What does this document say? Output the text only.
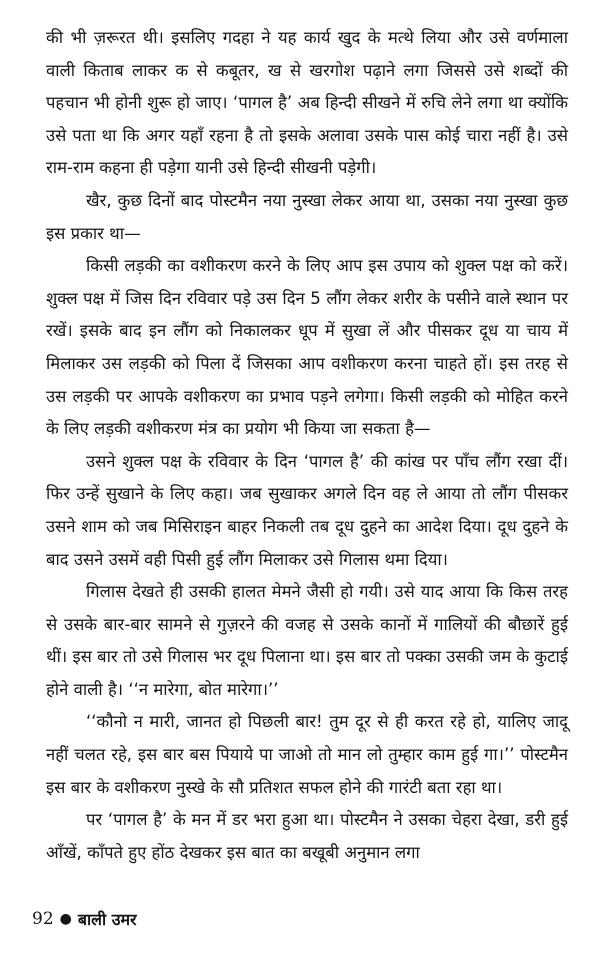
की भी ज़रूरत थी। इसलिए गदहा ने यह कार्य खुद के मत्थे लिया और उसे वर्णमाला वाली किताब लाकर क से कबूतर, ख से खरगोश पढ़ाने लगा जिससे उसे शब्दों की पहचान भी होनी शुरू हो जाए। ‘पागल है’ अब हिन्दी सीखने में रुचि लेने लगा था क्योंकि उसे पता था कि अगर यहाँ रहना है तो इसके अलावा उसके पास कोई चारा नहीं है। उसे राम-राम कहना ही पड़ेगा यानी उसे हिन्दी सीखनी पड़ेगी।

खैर, कुछ दिनों बाद पोस्टमैन नया नुस्खा लेकर आया था, उसका नया नुस्खा कुछ इस प्रकार था—

किसी लड़की का वशीकरण करने के लिए आप इस उपाय को शुक्ल पक्ष को करें। शुक्ल पक्ष में जिस दिन रविवार पड़े उस दिन 5 लौंग लेकर शरीर के पसीने वाले स्थान पर रखें। इसके बाद इन लौंग को निकालकर धूप में सुखा लें और पीसकर दूध या चाय में मिलाकर उस लड़की को पिला दें जिसका आप वशीकरण करना चाहते हों। इस तरह से उस लड़की पर आपके वशीकरण का प्रभाव पड़ने लगेगा। किसी लड़की को मोहित करने के लिए लड़की वशीकरण मंत्र का प्रयोग भी किया जा सकता है—

उसने शुक्ल पक्ष के रविवार के दिन ‘पागल है’ की कांख पर पाँच लौंग रखा दीं। फिर उन्हें सुखाने के लिए कहा। जब सुखाकर अगले दिन वह ले आया तो लौंग पीसकर उसने शाम को जब मिसिराइन बाहर निकली तब दूध दुहने का आदेश दिया। दूध दुहने के बाद उसने उसमें वही पिसी हुई लौंग मिलाकर उसे गिलास थमा दिया।

गिलास देखते ही उसकी हालत मेमने जैसी हो गयी। उसे याद आया कि किस तरह से उसके बार-बार सामने से गुज़रने की वजह से उसके कानों में गालियों की बौछारें हुई थीं। इस बार तो उसे गिलास भर दूध पिलाना था। इस बार तो पक्का उसकी जम के कुटाई होने वाली है। ‘‘न मारेगा, बोत मारेगा।’’

‘‘कौनो न मारी, जानत हो पिछली बार! तुम दूर से ही करत रहे हो, यालिए जादू नहीं चलत रहे, इस बार बस पियाये पा जाओ तो मान लो तुम्हार काम हुई गा।’’ पोस्टमैन इस बार के वशीकरण नुस्खे के सौ प्रतिशत सफल होने की गारंटी बता रहा था।

पर ‘पागल है’ के मन में डर भरा हुआ था। पोस्टमैन ने उसका चेहरा देखा, डरी हुई आँखें, काँपते हुए होंठ देखकर इस बात का बखूबी अनुमान लगा

92 ● बाली उमर
